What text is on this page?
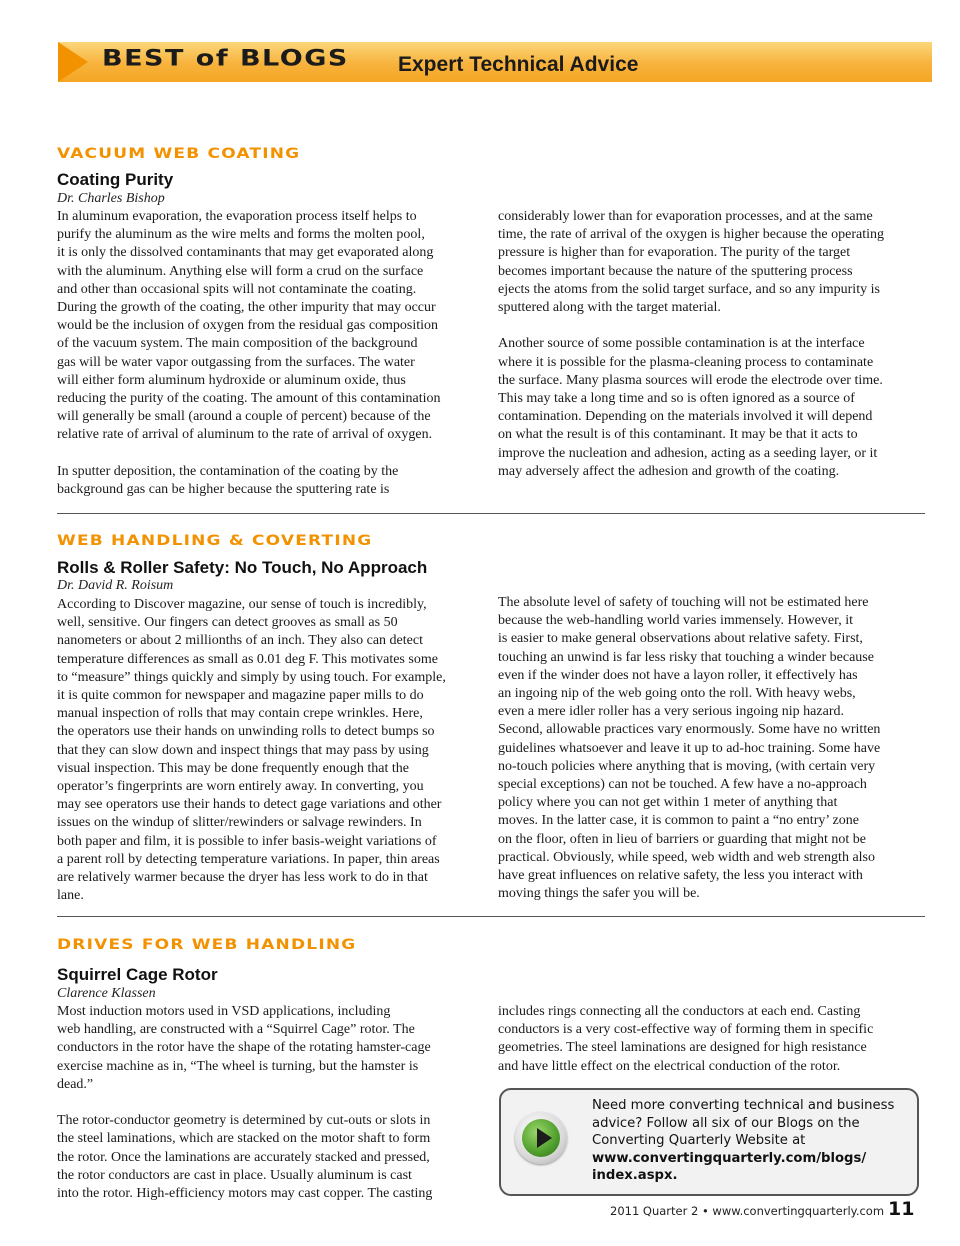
BEST of BLOGS Expert Technical Advice
VACUUM WEB COATING
Coating Purity
Dr. Charles Bishop
In aluminum evaporation, the evaporation process itself helps to
purify the aluminum as the wire melts and forms the molten pool,
it is only the dissolved contaminants that may get evaporated along
with the aluminum. Anything else will form a crud on the surface
and other than occasional spits will not contaminate the coating.
During the growth of the coating, the other impurity that may occur
would be the inclusion of oxygen from the residual gas composition
of the vacuum system. The main composition of the background
gas will be water vapor outgassing from the surfaces. The water
will either form aluminum hydroxide or aluminum oxide, thus
reducing the purity of the coating. The amount of this contamination
will generally be small (around a couple of percent) because of the
relative rate of arrival of aluminum to the rate of arrival of oxygen.

In sputter deposition, the contamination of the coating by the
background gas can be higher because the sputtering rate is
considerably lower than for evaporation processes, and at the same
time, the rate of arrival of the oxygen is higher because the operating
pressure is higher than for evaporation. The purity of the target
becomes important because the nature of the sputtering process
ejects the atoms from the solid target surface, and so any impurity is
sputtered along with the target material.

Another source of some possible contamination is at the interface
where it is possible for the plasma-cleaning process to contaminate
the surface. Many plasma sources will erode the electrode over time.
This may take a long time and so is often ignored as a source of
contamination. Depending on the materials involved it will depend
on what the result is of this contaminant. It may be that it acts to
improve the nucleation and adhesion, acting as a seeding layer, or it
may adversely affect the adhesion and growth of the coating.
WEB HANDLING & COVERTING
Rolls & Roller Safety: No Touch, No Approach
Dr. David R. Roisum
According to Discover magazine, our sense of touch is incredibly,
well, sensitive. Our fingers can detect grooves as small as 50
nanometers or about 2 millionths of an inch. They also can detect
temperature differences as small as 0.01 deg F. This motivates some
to “measure” things quickly and simply by using touch. For example,
it is quite common for newspaper and magazine paper mills to do
manual inspection of rolls that may contain crepe wrinkles. Here,
the operators use their hands on unwinding rolls to detect bumps so
that they can slow down and inspect things that may pass by using
visual inspection. This may be done frequently enough that the
operator’s fingerprints are worn entirely away. In converting, you
may see operators use their hands to detect gage variations and other
issues on the windup of slitter/rewinders or salvage rewinders. In
both paper and film, it is possible to infer basis-weight variations of
a parent roll by detecting temperature variations. In paper, thin areas
are relatively warmer because the dryer has less work to do in that
lane.
The absolute level of safety of touching will not be estimated here
because the web-handling world varies immensely. However, it
is easier to make general observations about relative safety. First,
touching an unwind is far less risky that touching a winder because
even if the winder does not have a layon roller, it effectively has
an ingoing nip of the web going onto the roll. With heavy webs,
even a mere idler roller has a very serious ingoing nip hazard.
Second, allowable practices vary enormously. Some have no written
guidelines whatsoever and leave it up to ad-hoc training. Some have
no-touch policies where anything that is moving, (with certain very
special exceptions) can not be touched. A few have a no-approach
policy where you can not get within 1 meter of anything that
moves. In the latter case, it is common to paint a “no entry’ zone
on the floor, often in lieu of barriers or guarding that might not be
practical. Obviously, while speed, web width and web strength also
have great influences on relative safety, the less you interact with
moving things the safer you will be.
DRIVES FOR WEB HANDLING
Squirrel Cage Rotor
Clarence Klassen
Most induction motors used in VSD applications, including
web handling, are constructed with a “Squirrel Cage” rotor. The
conductors in the rotor have the shape of the rotating hamster-cage
exercise machine as in, “The wheel is turning, but the hamster is
dead.”

The rotor-conductor geometry is determined by cut-outs or slots in
the steel laminations, which are stacked on the motor shaft to form
the rotor. Once the laminations are accurately stacked and pressed,
the rotor conductors are cast in place. Usually aluminum is cast
into the rotor. High-efficiency motors may cast copper. The casting
includes rings connecting all the conductors at each end. Casting
conductors is a very cost-effective way of forming them in specific
geometries. The steel laminations are designed for high resistance
and have little effect on the electrical conduction of the rotor.
Need more converting technical and business
advice? Follow all six of our Blogs on the
Converting Quarterly Website at
www.convertingquarterly.com/blogs/
index.aspx.
2011 Quarter 2 • www.convertingquarterly.com 11
